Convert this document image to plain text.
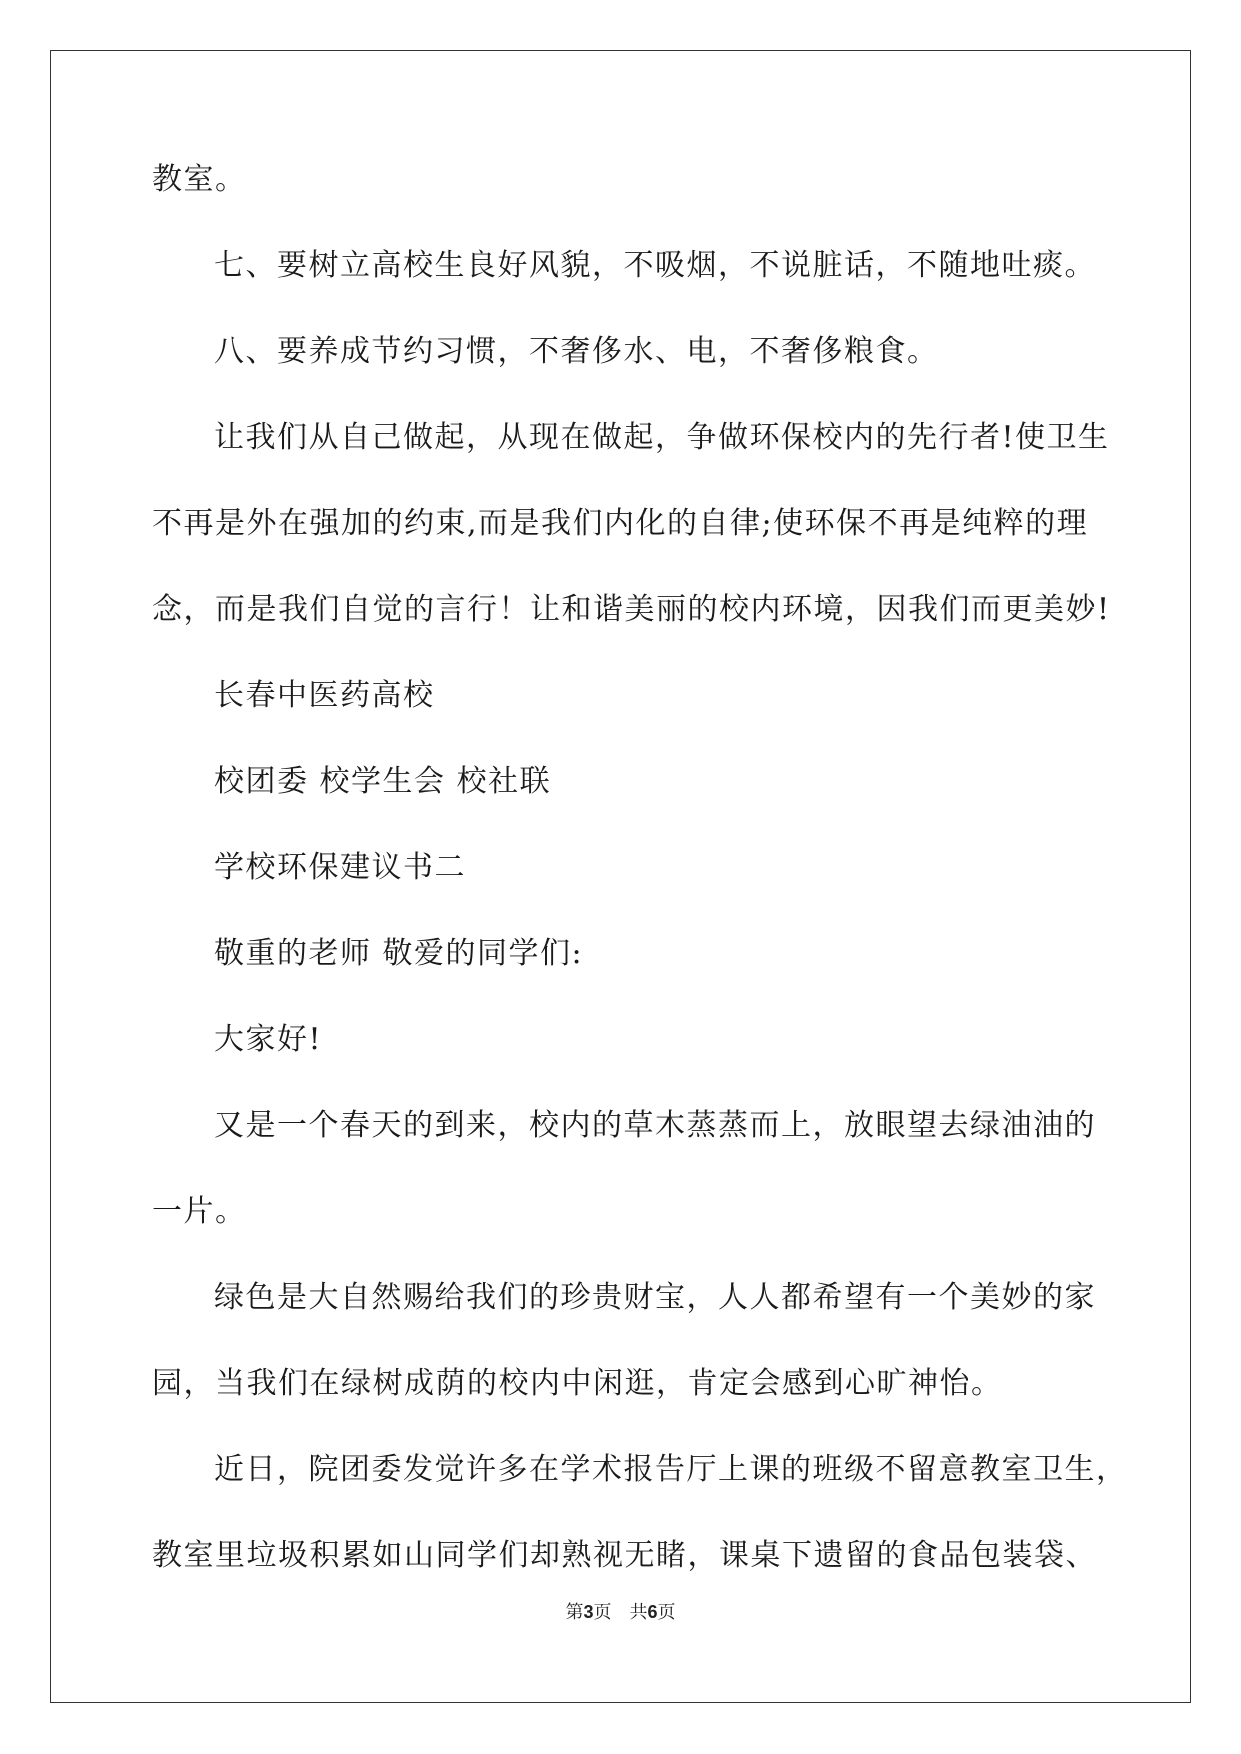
教室。
七、要树立高校生良好风貌，不吸烟，不说脏话，不随地吐痰。
八、要养成节约习惯，不奢侈水、电，不奢侈粮食。
让我们从自己做起，从现在做起，争做环保校内的先行者!使卫生
不再是外在强加的约束,而是我们内化的自律;使环保不再是纯粹的理
念，而是我们自觉的言行！让和谐美丽的校内环境，因我们而更美妙!
长春中医药高校
校团委 校学生会 校社联
学校环保建议书二
敬重的老师 敬爱的同学们:
大家好!
又是一个春天的到来，校内的草木蒸蒸而上，放眼望去绿油油的
一片。
绿色是大自然赐给我们的珍贵财宝，人人都希望有一个美妙的家
园，当我们在绿树成荫的校内中闲逛，肯定会感到心旷神怡。
近日，院团委发觉许多在学术报告厅上课的班级不留意教室卫生，
教室里垃圾积累如山同学们却熟视无睹，课桌下遗留的食品包装袋、
第3页　共6页
